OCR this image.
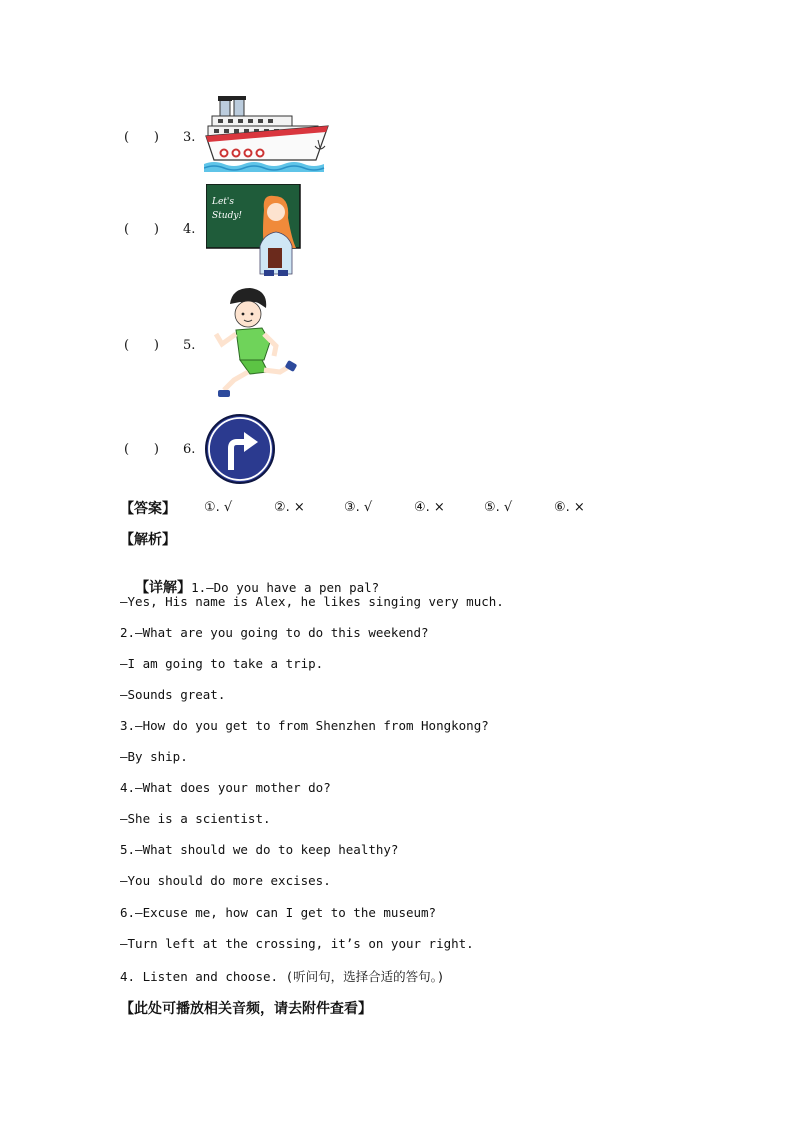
(      ) 3.
(      ) 4.
Let's
Study!
(      ) 5.
(      ) 6.
【答案】 ①. √	②. ×	③. √	④. ×	⑤. √	⑥. ×
【解析】

【详解】1.—Do you have a pen pal?

—Yes, His name is Alex, he likes singing very much.
2.—What are you going to do this weekend?
—I am going to take a trip.
—Sounds great.
3.—How do you get to from Shenzhen from Hongkong?
—By ship.
4.—What does your mother do?
—She is a scientist.
5.—What should we do to keep healthy?
—You should do more excises.
6.—Excuse me, how can I get to the museum?
—Turn left at the crossing, it’s on your right.
4. Listen and choose. (听问句，选择合适的答句。)
【此处可播放相关音频，请去附件查看】
